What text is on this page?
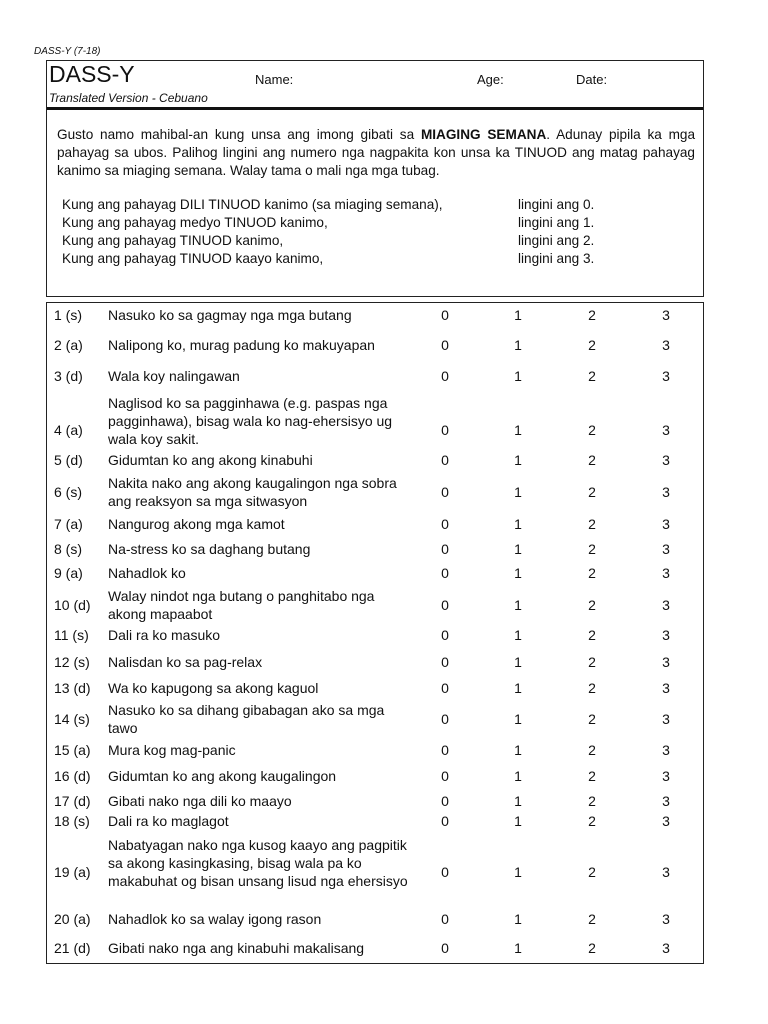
DASS-Y (7-18)
DASS-Y
Translated Version - Cebuano
Name:	Age:	Date:

Gusto namo mahibal-an kung unsa ang imong gibati sa MIAGING SEMANA. Adunay pipila ka mga pahayag sa ubos. Palihog lingini ang numero nga nagpakita kon unsa ka TINUOD ang matag pahayag kanimo sa miaging semana. Walay tama o mali nga mga tubag.

Kung ang pahayag DILI TINUOD kanimo (sa miaging semana),	lingini ang 0.
Kung ang pahayag medyo TINUOD kanimo,	lingini ang 1.
Kung ang pahayag TINUOD kanimo,	lingini ang 2.
Kung ang pahayag TINUOD kaayo kanimo,	lingini ang 3.
1 (s) Nasuko ko sa gagmay nga mga butang	0	1	2	3
2 (a) Nalipong ko, murag padung ko makuyapan	0	1	2	3
3 (d) Wala koy nalingawan	0	1	2	3
4 (a)
Naglisod ko sa pagginhawa (e.g. paspas nga pagginhawa), bisag wala ko nag-ehersisyo ug wala koy sakit.
0	1	2	3
5 (d) Gidumtan ko ang akong kinabuhi	0	1	2	3
6 (s)
Nakita nako ang akong kaugalingon nga sobra ang reaksyon sa mga sitwasyon
0	1	2	3
7 (a) Nangurog akong mga kamot	0	1	2	3
8 (s) Na-stress ko sa daghang butang	0	1	2	3
9 (a) Nahadlok ko	0	1	2	3
10 (d)
Walay nindot nga butang o panghitabo nga akong mapaabot
0	1	2	3
11 (s) Dali ra ko masuko	0	1	2	3
12 (s) Nalisdan ko sa pag-relax	0	1	2	3
13 (d) Wa ko kapugong sa akong kaguol	0	1	2	3
14 (s)
Nasuko ko sa dihang gibabagan ako sa mga tawo
0	1	2	3
15 (a) Mura kog mag-panic	0	1	2	3
16 (d) Gidumtan ko ang akong kaugalingon	0	1	2	3
17 (d) Gibati nako nga dili ko maayo	0	1	2	3
18 (s) Dali ra ko maglagot	0	1	2	3
19 (a)
Nabatyagan nako nga kusog kaayo ang pagpitik sa akong kasingkasing, bisag wala pa ko makabuhat og bisan unsang lisud nga ehersisyo
0	1	2	3
20 (a) Nahadlok ko sa walay igong rason	0	1	2	3
21 (d) Gibati nako nga ang kinabuhi makalisang	0	1	2	3
